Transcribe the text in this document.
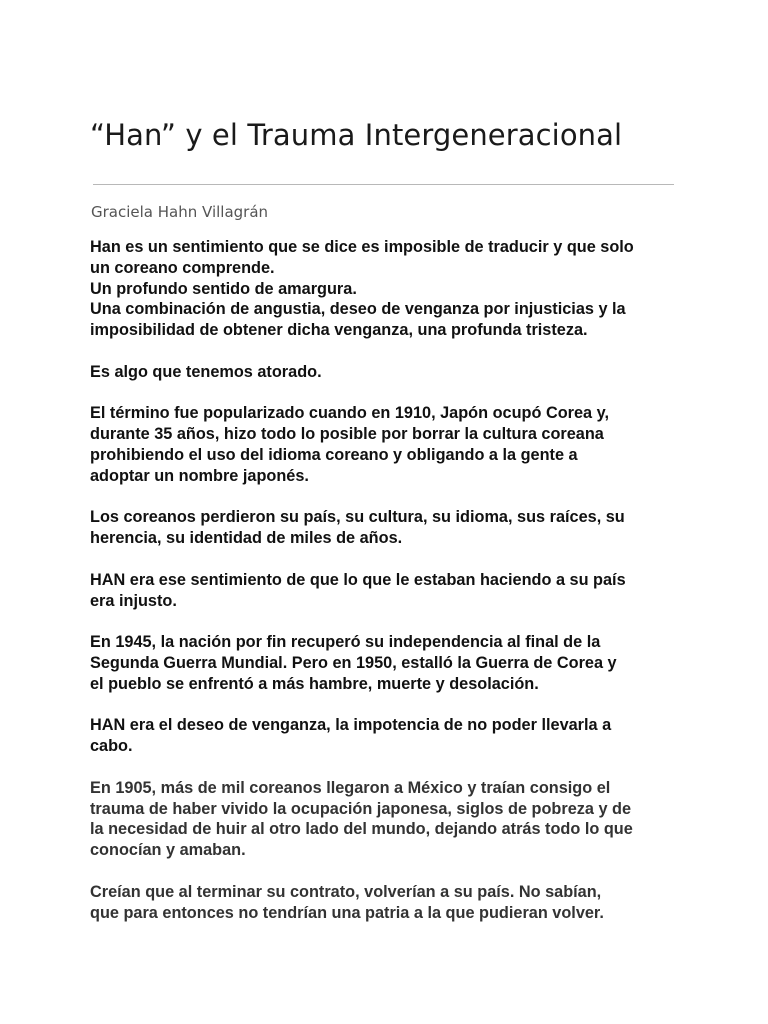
“Han” y el Trauma Intergeneracional

Graciela Hahn Villagrán

Han es un sentimiento que se dice es imposible de traducir y que solo
un coreano comprende.
Un profundo sentido de amargura.
Una combinación de angustia, deseo de venganza por injusticias y la
imposibilidad de obtener dicha venganza, una profunda tristeza.

Es algo que tenemos atorado.

El término fue popularizado cuando en 1910, Japón ocupó Corea y,
durante 35 años, hizo todo lo posible por borrar la cultura coreana
prohibiendo el uso del idioma coreano y obligando a la gente a
adoptar un nombre japonés.

Los coreanos perdieron su país, su cultura, su idioma, sus raíces, su
herencia, su identidad de miles de años.

HAN era ese sentimiento de que lo que le estaban haciendo a su país
era injusto.

En 1945, la nación por fin recuperó su independencia al final de la
Segunda Guerra Mundial. Pero en 1950, estalló la Guerra de Corea y
el pueblo se enfrentó a más hambre, muerte y desolación.

HAN era el deseo de venganza, la impotencia de no poder llevarla a
cabo.

En 1905, más de mil coreanos llegaron a México y traían consigo el
trauma de haber vivido la ocupación japonesa, siglos de pobreza y de
la necesidad de huir al otro lado del mundo, dejando atrás todo lo que
conocían y amaban.

Creían que al terminar su contrato, volverían a su país. No sabían,
que para entonces no tendrían una patria a la que pudieran volver.
